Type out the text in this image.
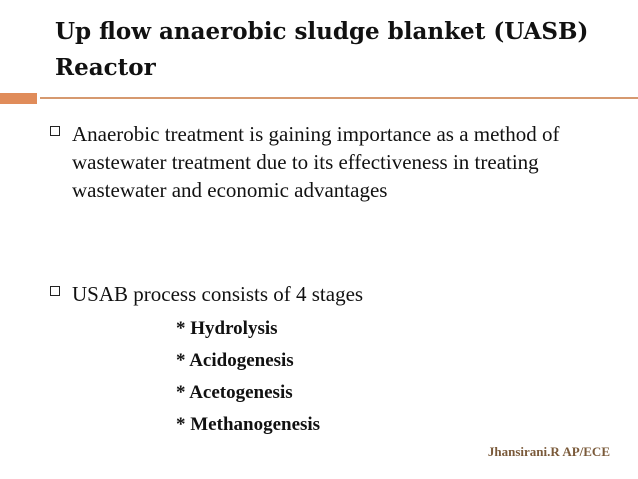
Up flow anaerobic sludge blanket (UASB) Reactor
Anaerobic treatment is gaining importance as a method of wastewater treatment due to its effectiveness in treating wastewater and economic advantages
USAB process consists of 4 stages
* Hydrolysis
* Acidogenesis
* Acetogenesis
* Methanogenesis
Jhansirani.R AP/ECE
